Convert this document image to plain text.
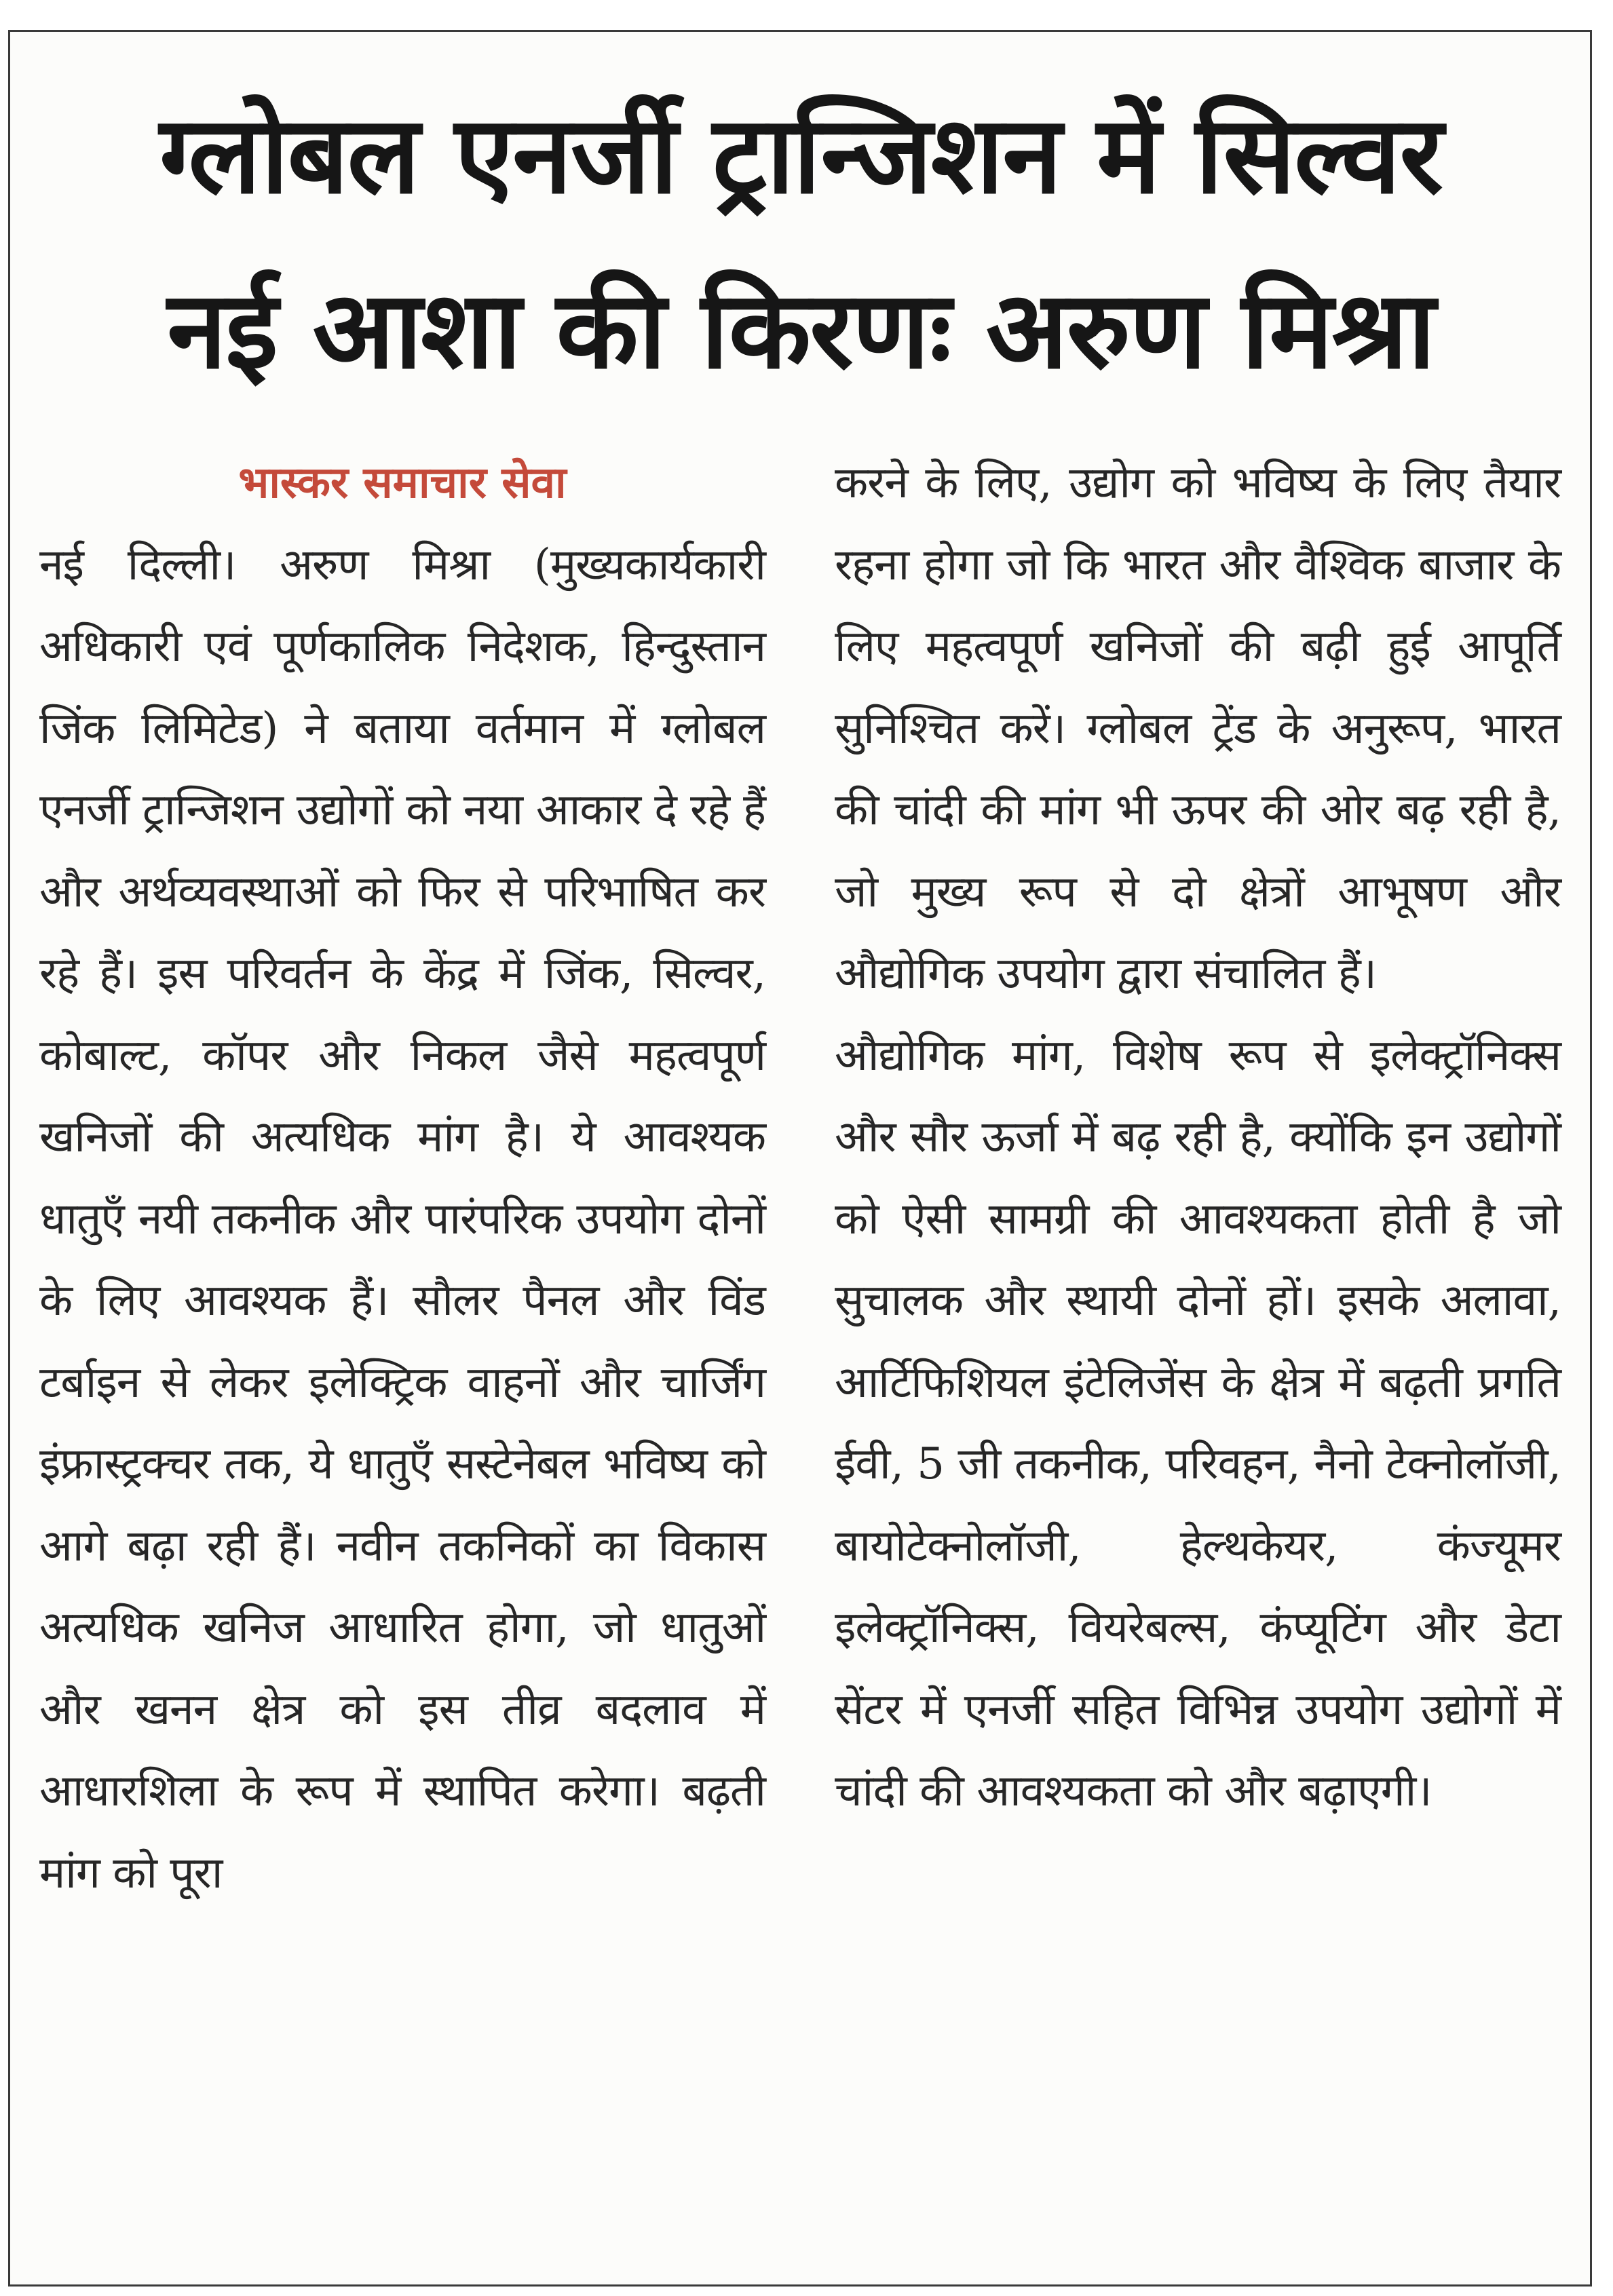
ग्लोबल एनर्जी ट्रान्जिशन में सिल्वर
नई आशा की किरणः अरुण मिश्रा
भास्कर समाचार सेवा

नई दिल्ली। अरुण मिश्रा (मुख्यकार्यकारी अधिकारी एवं पूर्णकालिक निदेशक, हिन्दुस्तान जिंक लिमिटेड) ने बताया वर्तमान में ग्लोबल एनर्जी ट्रान्जिशन उद्योगों को नया आकार दे रहे हैं और अर्थव्यवस्थाओं को फिर से परिभाषित कर रहे हैं। इस परिवर्तन के केंद्र में जिंक, सिल्वर, कोबाल्ट, कॉपर और निकल जैसे महत्वपूर्ण खनिजों की अत्यधिक मांग है। ये आवश्यक धातुएँ नयी तकनीक और पारंपरिक उपयोग दोनों के लिए आवश्यक हैं। सौलर पैनल और विंड टर्बाइन से लेकर इलेक्ट्रिक वाहनों और चार्जिंग इंफ्रास्ट्रक्चर तक, ये धातुएँ सस्टेनेबल भविष्य को आगे बढ़ा रही हैं। नवीन तकनिकों का विकास अत्यधिक खनिज आधारित होगा, जो धातुओं और खनन क्षेत्र को इस तीव्र बदलाव में आधारशिला के रूप में स्थापित करेगा। बढ़ती मांग को पूरा

करने के लिए, उद्योग को भविष्य के लिए तैयार रहना होगा जो कि भारत और वैश्विक बाजार के लिए महत्वपूर्ण खनिजों की बढ़ी हुई आपूर्ति सुनिश्चित करें। ग्लोबल ट्रेंड के अनुरूप, भारत की चांदी की मांग भी ऊपर की ओर बढ़ रही है, जो मुख्य रूप से दो क्षेत्रों आभूषण और औद्योगिक उपयोग द्वारा संचालित हैं।

औद्योगिक मांग, विशेष रूप से इलेक्ट्रॉनिक्स और सौर ऊर्जा में बढ़ रही है, क्योंकि इन उद्योगों को ऐसी सामग्री की आवश्यकता होती है जो सुचालक और स्थायी दोनों हों। इसके अलावा, आर्टिफिशियल इंटेलिजेंस के क्षेत्र में बढ़ती प्रगति ईवी, 5 जी तकनीक, परिवहन, नैनो टेक्नोलॉजी, बायोटेक्नोलॉजी, हेल्थकेयर, कंज्यूमर इलेक्ट्रॉनिक्स, वियरेबल्स, कंप्यूटिंग और डेटा सेंटर में एनर्जी सहित विभिन्न उपयोग उद्योगों में चांदी की आवश्यकता को और बढ़ाएगी।
